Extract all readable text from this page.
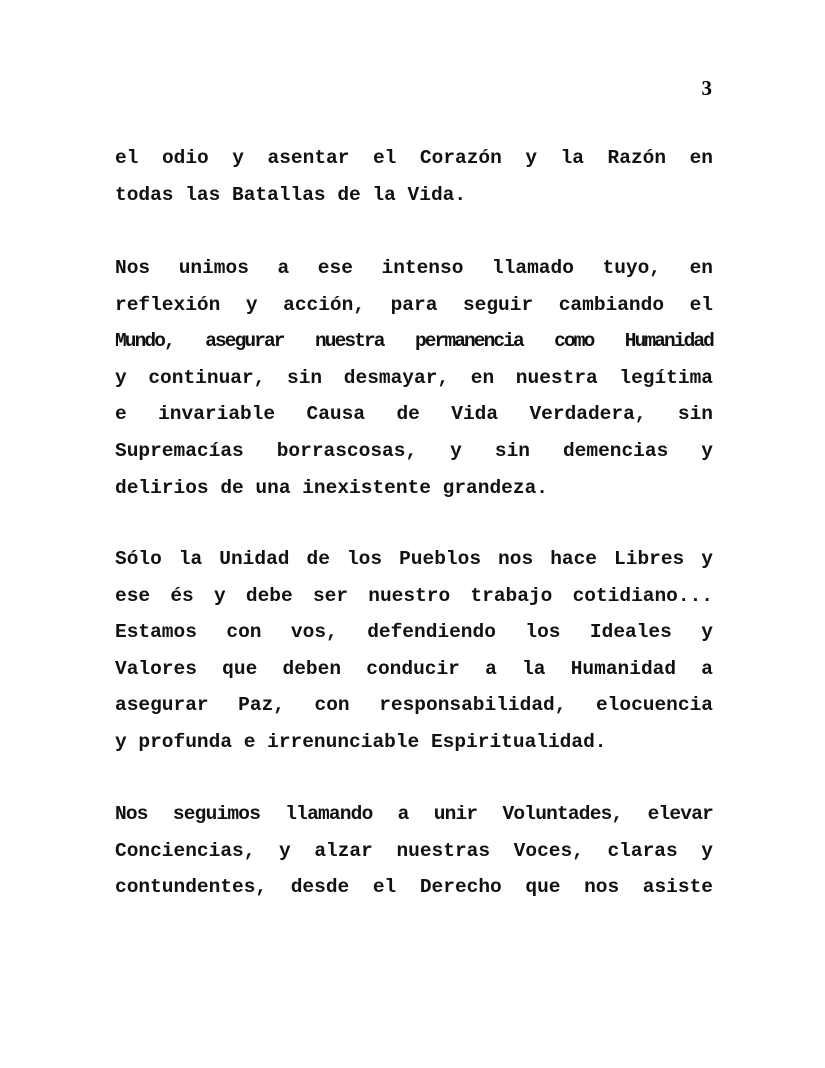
3
el odio y asentar el Corazón y la Razón en
todas las Batallas de la Vida.
Nos unimos a ese intenso llamado tuyo, en
reflexión y acción, para seguir cambiando el
Mundo, asegurar nuestra permanencia como Humanidad
y continuar, sin desmayar, en nuestra legítima
e invariable Causa de Vida Verdadera, sin
Supremacías borrascosas, y sin demencias y
delirios de una inexistente grandeza.
Sólo la Unidad de los Pueblos nos hace Libres y
ese és y debe ser nuestro trabajo cotidiano...
Estamos con vos, defendiendo los Ideales y
Valores que deben conducir a la Humanidad a
asegurar Paz, con responsabilidad, elocuencia
y profunda e irrenunciable Espiritualidad.
Nos seguimos llamando a unir Voluntades, elevar
Conciencias, y alzar nuestras Voces, claras y
contundentes, desde el Derecho que nos asiste
